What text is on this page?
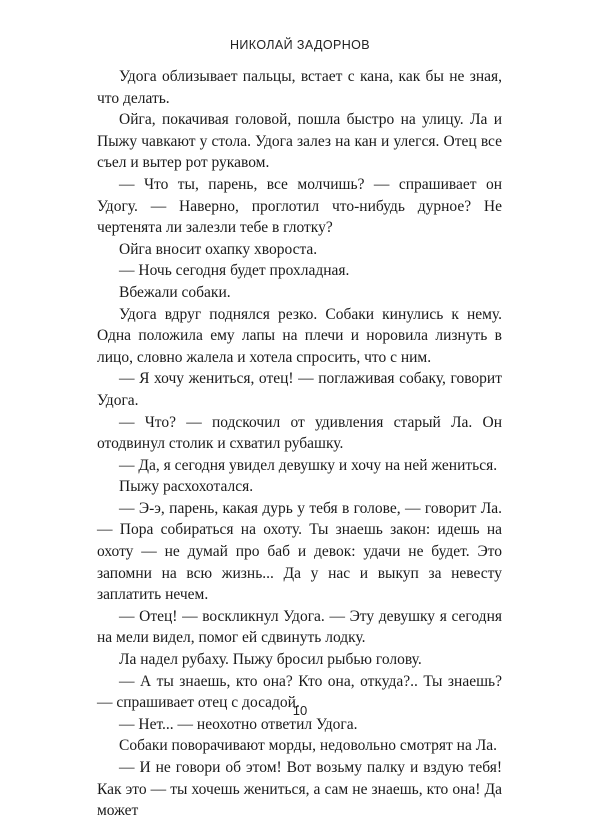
НИКОЛАЙ ЗАДОРНОВ

Удога облизывает пальцы, встает с кана, как бы не зная, что делать.

Ойга, покачивая головой, пошла быстро на улицу. Ла и Пыжу чавкают у стола. Удога залез на кан и улегся. Отец все съел и вытер рот рукавом.

— Что ты, парень, все молчишь? — спрашивает он Удогу. — Наверно, проглотил что-нибудь дурное? Не чертенята ли залезли тебе в глотку?

Ойга вносит охапку хвороста.

— Ночь сегодня будет прохладная.

Вбежали собаки.

Удога вдруг поднялся резко. Собаки кинулись к нему. Одна положила ему лапы на плечи и норовила лизнуть в лицо, словно жалела и хотела спросить, что с ним.

— Я хочу жениться, отец! — поглаживая собаку, говорит Удога.

— Что? — подскочил от удивления старый Ла. Он отодвинул столик и схватил рубашку.

— Да, я сегодня увидел девушку и хочу на ней жениться.

Пыжу расхохотался.

— Э-э, парень, какая дурь у тебя в голове, — говорит Ла. — Пора собираться на охоту. Ты знаешь закон: идешь на охоту — не думай про баб и девок: удачи не будет. Это запомни на всю жизнь... Да у нас и выкуп за невесту заплатить нечем.

— Отец! — воскликнул Удога. — Эту девушку я сегодня на мели видел, помог ей сдвинуть лодку.

Ла надел рубаху. Пыжу бросил рыбью голову.

— А ты знаешь, кто она? Кто она, откуда?.. Ты знаешь? — спрашивает отец с досадой.

— Нет... — неохотно ответил Удога.

Собаки поворачивают морды, недовольно смотрят на Ла.

— И не говори об этом! Вот возьму палку и вздую тебя! Как это — ты хочешь жениться, а сам не знаешь, кто она! Да может

10
